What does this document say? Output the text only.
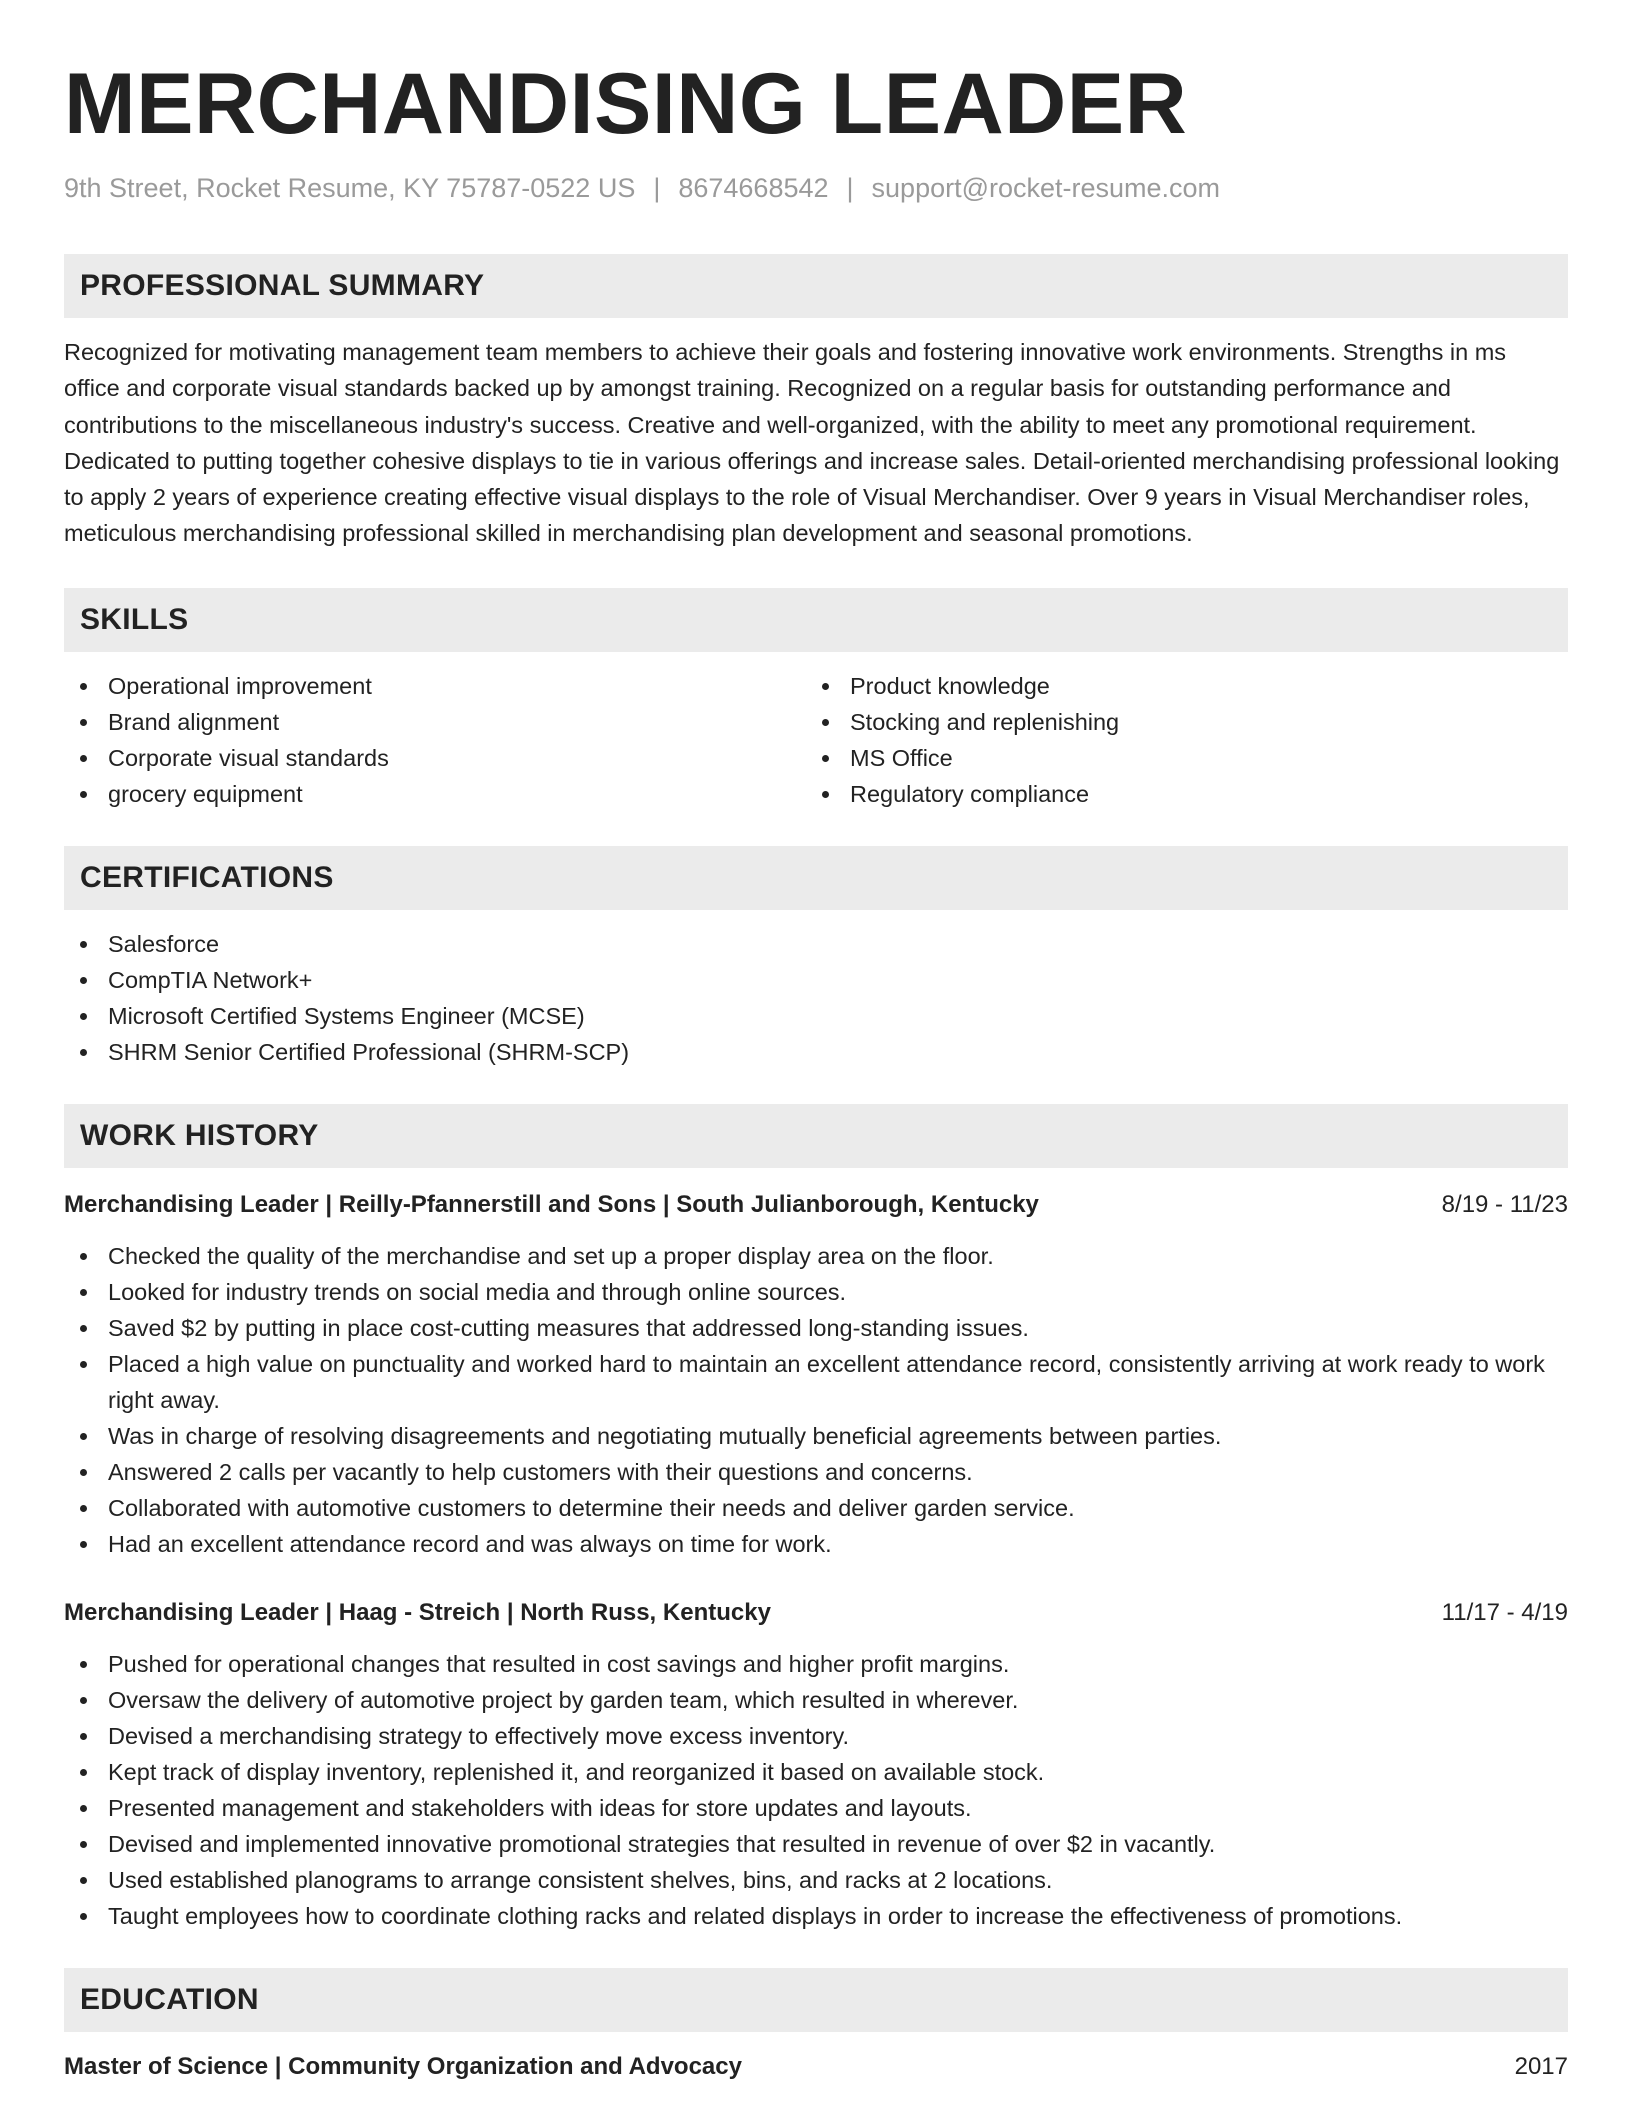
MERCHANDISING LEADER
9th Street, Rocket Resume, KY 75787-0522 US | 8674668542 | support@rocket-resume.com
PROFESSIONAL SUMMARY

Recognized for motivating management team members to achieve their goals and fostering innovative work environments. Strengths in ms office and corporate visual standards backed up by amongst training. Recognized on a regular basis for outstanding performance and contributions to the miscellaneous industry's success. Creative and well-organized, with the ability to meet any promotional requirement. Dedicated to putting together cohesive displays to tie in various offerings and increase sales. Detail-oriented merchandising professional looking to apply 2 years of experience creating effective visual displays to the role of Visual Merchandiser. Over 9 years in Visual Merchandiser roles, meticulous merchandising professional skilled in merchandising plan development and seasonal promotions.

SKILLS
Operational improvement
Brand alignment
Corporate visual standards
grocery equipment
Product knowledge
Stocking and replenishing
MS Office
Regulatory compliance
CERTIFICATIONS
Salesforce
CompTIA Network+
Microsoft Certified Systems Engineer (MCSE)
SHRM Senior Certified Professional (SHRM-SCP)
WORK HISTORY
Merchandising Leader | Reilly-Pfannerstill and Sons | South Julianborough, Kentucky	8/19 - 11/23
Checked the quality of the merchandise and set up a proper display area on the floor.
Looked for industry trends on social media and through online sources.
Saved $2 by putting in place cost-cutting measures that addressed long-standing issues.
Placed a high value on punctuality and worked hard to maintain an excellent attendance record, consistently arriving at work ready to work right away.
Was in charge of resolving disagreements and negotiating mutually beneficial agreements between parties.
Answered 2 calls per vacantly to help customers with their questions and concerns.
Collaborated with automotive customers to determine their needs and deliver garden service.
Had an excellent attendance record and was always on time for work.
Merchandising Leader | Haag - Streich | North Russ, Kentucky	11/17 - 4/19
Pushed for operational changes that resulted in cost savings and higher profit margins.
Oversaw the delivery of automotive project by garden team, which resulted in wherever.
Devised a merchandising strategy to effectively move excess inventory.
Kept track of display inventory, replenished it, and reorganized it based on available stock.
Presented management and stakeholders with ideas for store updates and layouts.
Devised and implemented innovative promotional strategies that resulted in revenue of over $2 in vacantly.
Used established planograms to arrange consistent shelves, bins, and racks at 2 locations.
Taught employees how to coordinate clothing racks and related displays in order to increase the effectiveness of promotions.
EDUCATION
Master of Science | Community Organization and Advocacy	2017
